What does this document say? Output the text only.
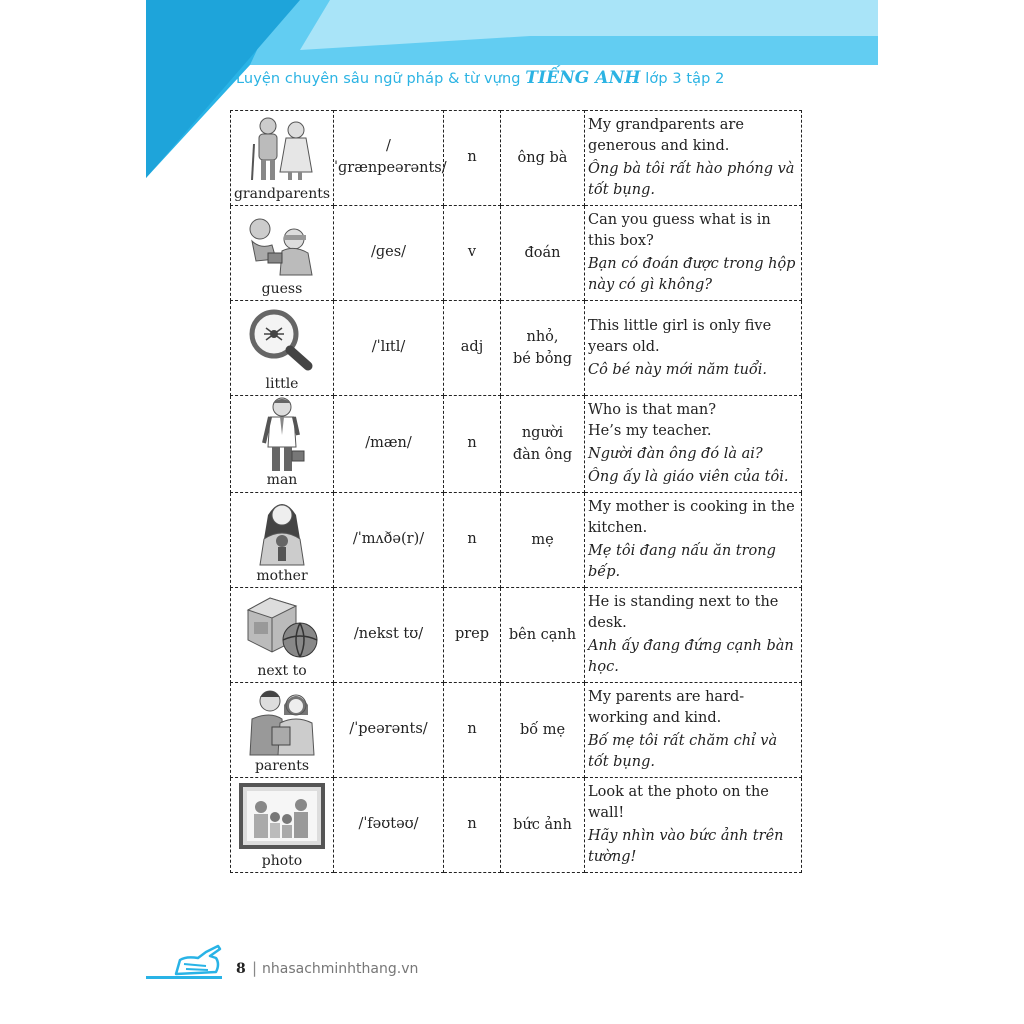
Luyện chuyên sâu ngữ pháp & từ vựng TIẾNG ANH lớp 3 tập 2
grandparents	/ˈɡrænpeərənts/	n	ông bà	My grandparents are generous and kind.
Ông bà tôi rất hào phóng và tốt bụng.

guess	/ɡes/	v	đoán	Can you guess what is in this box?
Bạn có đoán được trong hộp này có gì không?

little	/ˈlɪtl/	adj	nhỏ,
bé bỏng	This little girl is only five years old.
Cô bé này mới năm tuổi.

man	/mæn/	n	người
đàn ông	Who is that man?
He’s my teacher.
Người đàn ông đó là ai?
Ông ấy là giáo viên của tôi.

mother	/ˈmʌðə(r)/	n	mẹ	My mother is cooking in the kitchen.
Mẹ tôi đang nấu ăn trong bếp.

next to	/nekst tʊ/	prep	bên cạnh	He is standing next to the desk.
Anh ấy đang đứng cạnh bàn học.

parents	/ˈpeərənts/	n	bố mẹ	My parents are hard-working and kind.
Bố mẹ tôi rất chăm chỉ và tốt bụng.

photo	/ˈfəʊtəʊ/	n	bức ảnh	Look at the photo on the wall!
Hãy nhìn vào bức ảnh trên tường!
8 | nhasachminhthang.vn
